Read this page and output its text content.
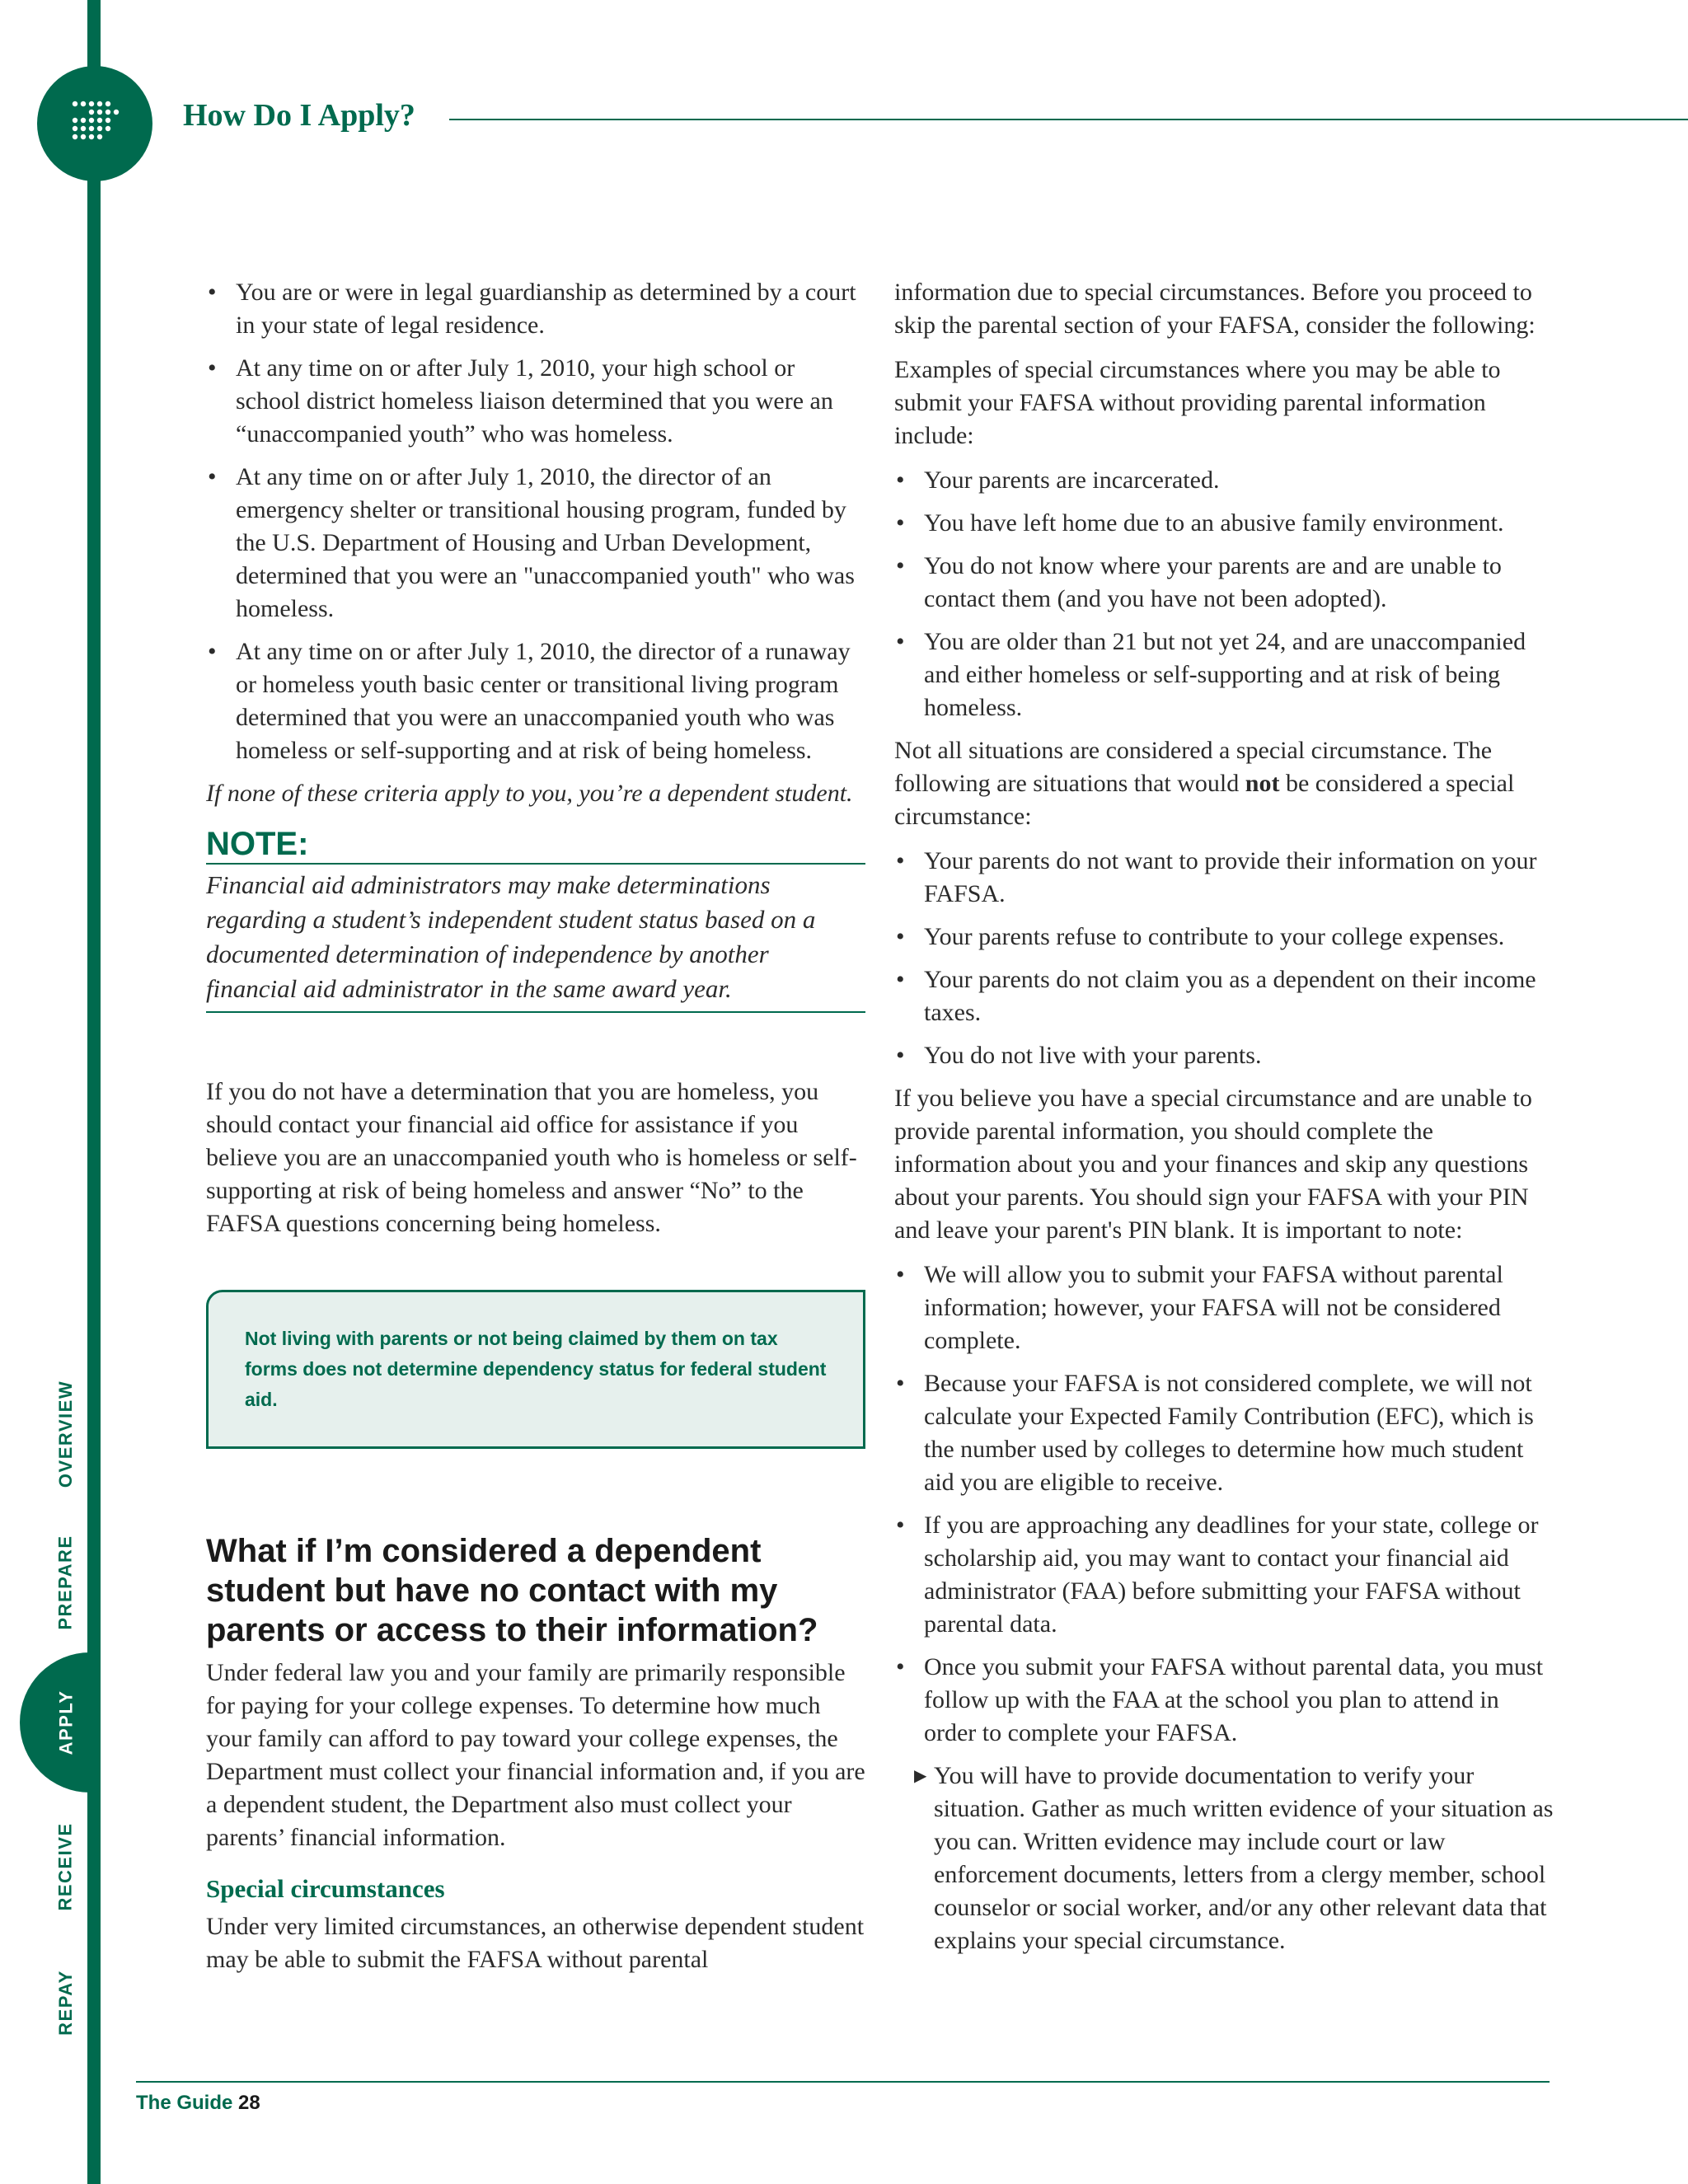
How Do I Apply?
OVERVIEW
PREPARE
APPLY
RECEIVE
REPAY
• You are or were in legal guardianship as determined by a court in your state of legal residence.
• At any time on or after July 1, 2010, your high school or school district homeless liaison determined that you were an “unaccompanied youth” who was homeless.
• At any time on or after July 1, 2010, the director of an emergency shelter or transitional housing program, funded by the U.S. Department of Housing and Urban Development, determined that you were an "unaccompanied youth" who was homeless.
• At any time on or after July 1, 2010, the director of a runaway or homeless youth basic center or transitional living program determined that you were an unaccompanied youth who was homeless or self-supporting and at risk of being homeless.

If none of these criteria apply to you, you’re a dependent student.

NOTE:
Financial aid administrators may make determinations regarding a student’s independent student status based on a documented determination of independence by another financial aid administrator in the same award year.

If you do not have a determination that you are homeless, you should contact your financial aid office for assistance if you believe you are an unaccompanied youth who is homeless or self-supporting at risk of being homeless and answer “No” to the FAFSA questions concerning being homeless.

Not living with parents or not being claimed by them on tax forms does not determine dependency status for federal student aid.
What if I’m considered a dependent student but have no contact with my parents or access to their information?

Under federal law you and your family are primarily responsible for paying for your college expenses. To determine how much your family can afford to pay toward your college expenses, the Department must collect your financial information and, if you are a dependent student, the Department also must collect your parents’ financial information.

Special circumstances

Under very limited circumstances, an otherwise dependent student may be able to submit the FAFSA without parental

information due to special circumstances. Before you proceed to skip the parental section of your FAFSA, consider the following:

Examples of special circumstances where you may be able to submit your FAFSA without providing parental information include:

• Your parents are incarcerated.
• You have left home due to an abusive family environment.
• You do not know where your parents are and are unable to contact them (and you have not been adopted).
• You are older than 21 but not yet 24, and are unaccompanied and either homeless or self-supporting and at risk of being homeless.

Not all situations are considered a special circumstance. The following are situations that would not be considered a special circumstance:

• Your parents do not want to provide their information on your FAFSA.
• Your parents refuse to contribute to your college expenses.
• Your parents do not claim you as a dependent on their income taxes.
• You do not live with your parents.

If you believe you have a special circumstance and are unable to provide parental information, you should complete the information about you and your finances and skip any questions about your parents. You should sign your FAFSA with your PIN and leave your parent's PIN blank. It is important to note:

• We will allow you to submit your FAFSA without parental information; however, your FAFSA will not be considered complete.
• Because your FAFSA is not considered complete, we will not calculate your Expected Family Contribution (EFC), which is the number used by colleges to determine how much student aid you are eligible to receive.
• If you are approaching any deadlines for your state, college or scholarship aid, you may want to contact your financial aid administrator (FAA) before submitting your FAFSA without parental data.
• Once you submit your FAFSA without parental data, you must follow up with the FAA at the school you plan to attend in order to complete your FAFSA.
▶ You will have to provide documentation to verify your situation. Gather as much written evidence of your situation as you can. Written evidence may include court or law enforcement documents, letters from a clergy member, school counselor or social worker, and/or any other relevant data that explains your special circumstance.
The Guide 28
